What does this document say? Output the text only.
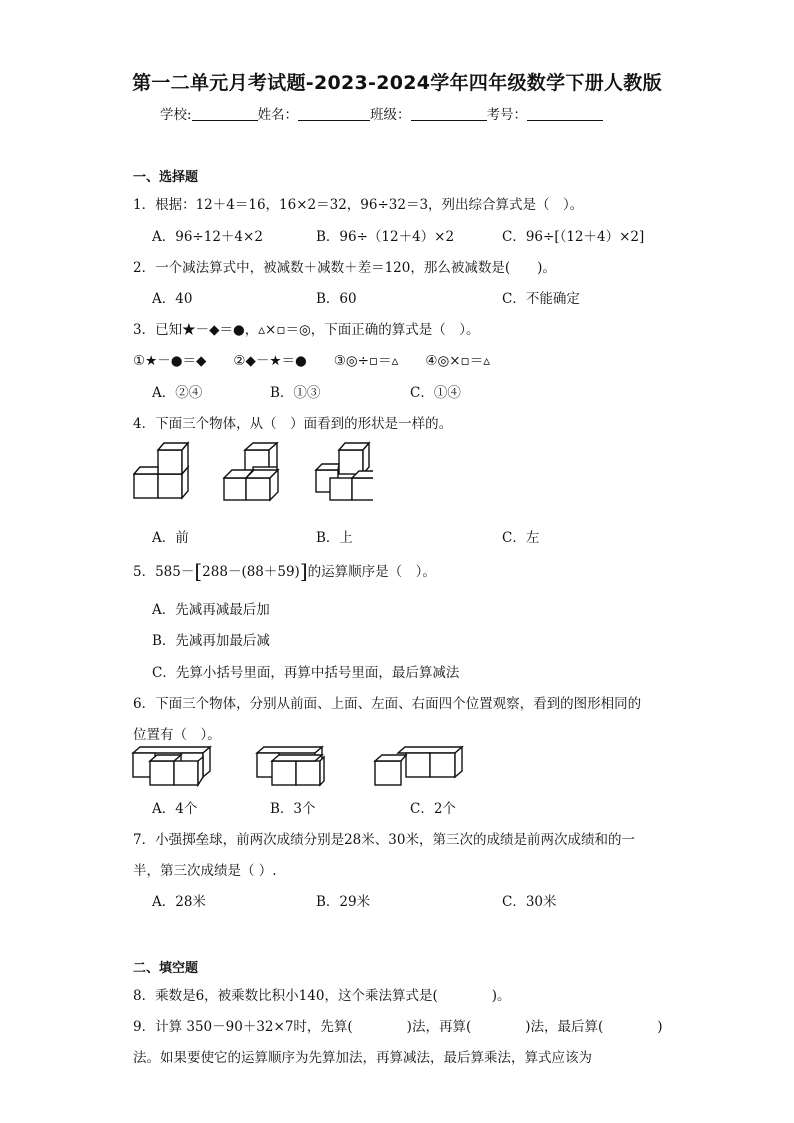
第一二单元月考试题-2023-2024学年四年级数学下册人教版
学校:	姓名：	班级：	考号：
一、选择题
1．根据：12＋4＝16，16×2＝32，96÷32＝3，列出综合算式是（　）。
A．96÷12＋4×2	B．96÷（12＋4）×2	C．96÷[（12＋4）×2]
2．一个减法算式中，被减数＋减数＋差＝120，那么被减数是(　　)。
A．40	B．60	C．不能确定
3．已知★－◆＝●，▵×▫＝◎，下面正确的算式是（　）。
①★－●＝◆　　②◆－★＝●　　③◎÷▫＝▵　　④◎×▫＝▵
A．②④	B．①③	C．①④
4．下面三个物体，从（　）面看到的形状是一样的。
A．前	B．上	C．左
5．585－[288－(88＋59)]的运算顺序是（　）。
A．先减再减最后加
B．先减再加最后减
C．先算小括号里面，再算中括号里面，最后算减法
6．下面三个物体，分别从前面、上面、左面、右面四个位置观察，看到的图形相同的
位置有（　）。
A．4个	B．3个	C．2个
7．小强掷垒球，前两次成绩分别是28米、30米，第三次的成绩是前两次成绩和的一
半，第三次成绩是（ ）.
A．28米	B．29米	C．30米
二、填空题
8．乘数是6，被乘数比积小140，这个乘法算式是(　　　　)。
9．计算 350－90＋32×7时，先算(　　　　)法，再算(　　　　)法，最后算(　　　　)
法。如果要使它的运算顺序为先算加法，再算减法，最后算乘法，算式应该为
